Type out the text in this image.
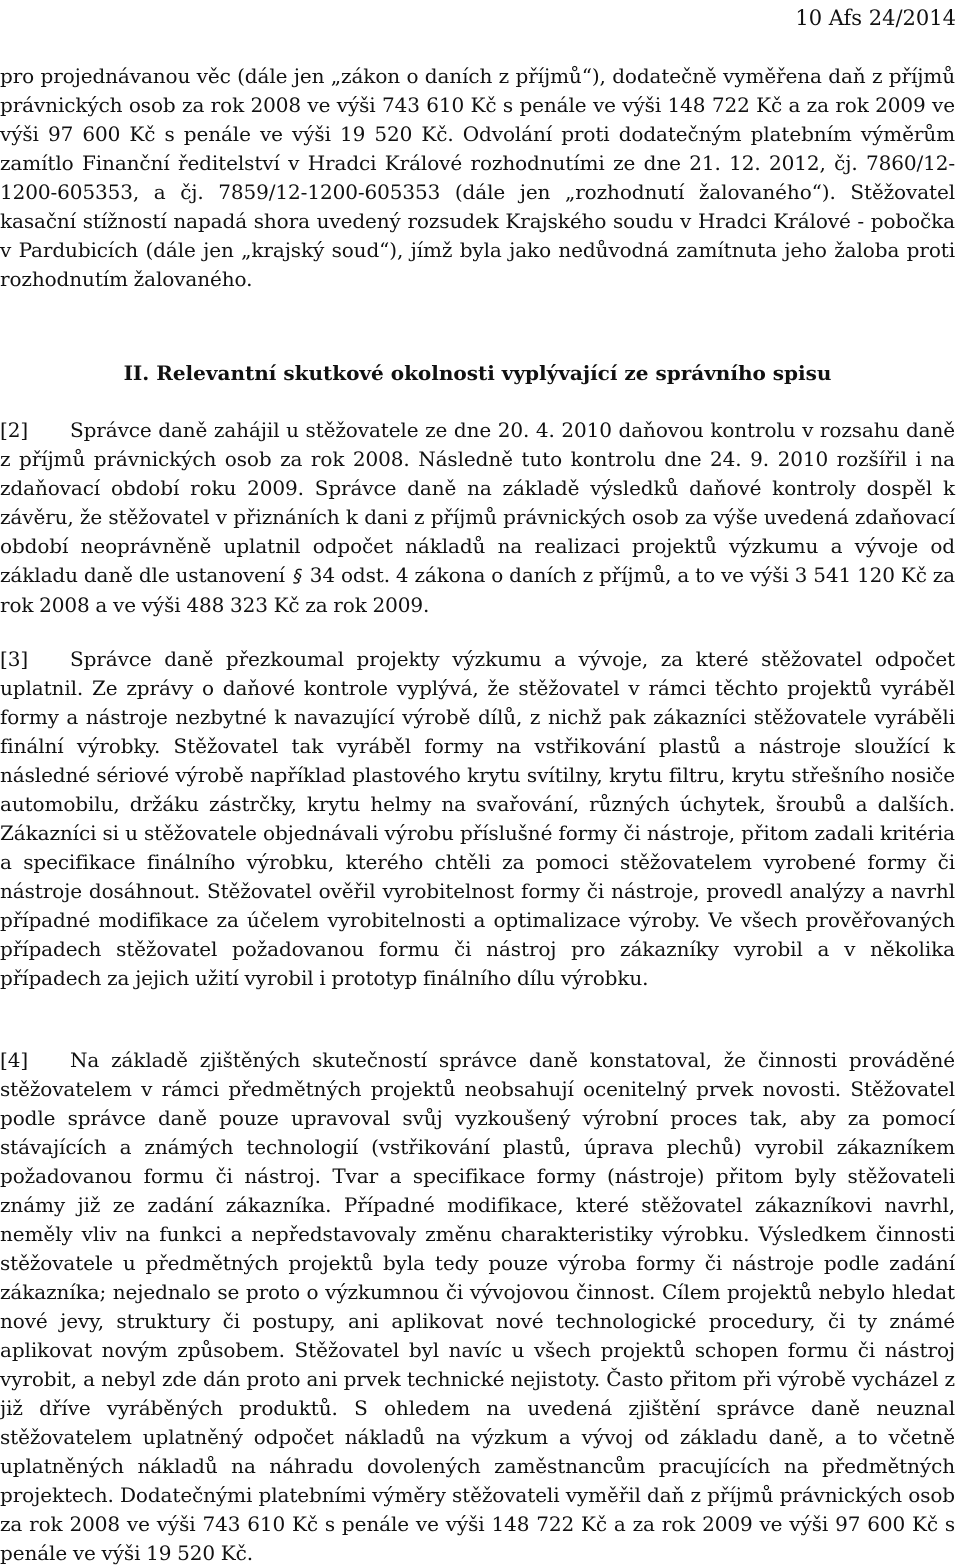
10 Afs 24/2014

pro projednávanou věc (dále jen „zákon o daních z příjmů“), dodatečně vyměřena daň z příjmů právnických osob za rok 2008 ve výši 743 610 Kč s penále ve výši 148 722 Kč a za rok 2009 ve výši 97 600 Kč s penále ve výši 19 520 Kč. Odvolání proti dodatečným platebním výměrům zamítlo Finanční ředitelství v Hradci Králové rozhodnutími ze dne 21. 12. 2012, čj. 7860/12-1200-605353, a čj. 7859/12-1200-605353 (dále jen „rozhodnutí žalovaného“). Stěžovatel kasační stížností napadá shora uvedený rozsudek Krajského soudu v Hradci Králové - pobočka v Pardubicích (dále jen „krajský soud“), jímž byla jako nedůvodná zamítnuta jeho žaloba proti rozhodnutím žalovaného.

II. Relevantní skutkové okolnosti vyplývající ze správního spisu

[2] Správce daně zahájil u stěžovatele ze dne 20. 4. 2010 daňovou kontrolu v rozsahu daně z příjmů právnických osob za rok 2008. Následně tuto kontrolu dne 24. 9. 2010 rozšířil i na zdaňovací období roku 2009. Správce daně na základě výsledků daňové kontroly dospěl k závěru, že stěžovatel v přiznáních k dani z příjmů právnických osob za výše uvedená zdaňovací období neoprávněně uplatnil odpočet nákladů na realizaci projektů výzkumu a vývoje od základu daně dle ustanovení § 34 odst. 4 zákona o daních z příjmů, a to ve výši 3 541 120 Kč za rok 2008 a ve výši 488 323 Kč za rok 2009.

[3] Správce daně přezkoumal projekty výzkumu a vývoje, za které stěžovatel odpočet uplatnil. Ze zprávy o daňové kontrole vyplývá, že stěžovatel v rámci těchto projektů vyráběl formy a nástroje nezbytné k navazující výrobě dílů, z nichž pak zákazníci stěžovatele vyráběli finální výrobky. Stěžovatel tak vyráběl formy na vstřikování plastů a nástroje sloužící k následné sériové výrobě například plastového krytu svítilny, krytu filtru, krytu střešního nosiče automobilu, držáku zástrčky, krytu helmy na svařování, různých úchytek, šroubů a dalších. Zákazníci si u stěžovatele objednávali výrobu příslušné formy či nástroje, přitom zadali kritéria a specifikace finálního výrobku, kterého chtěli za pomoci stěžovatelem vyrobené formy či nástroje dosáhnout. Stěžovatel ověřil vyrobitelnost formy či nástroje, provedl analýzy a navrhl případné modifikace za účelem vyrobitelnosti a optimalizace výroby. Ve všech prověřovaných případech stěžovatel požadovanou formu či nástroj pro zákazníky vyrobil a v několika případech za jejich užití vyrobil i prototyp finálního dílu výrobku.

[4] Na základě zjištěných skutečností správce daně konstatoval, že činnosti prováděné stěžovatelem v rámci předmětných projektů neobsahují ocenitelný prvek novosti. Stěžovatel podle správce daně pouze upravoval svůj vyzkoušený výrobní proces tak, aby za pomocí stávajících a známých technologií (vstřikování plastů, úprava plechů) vyrobil zákazníkem požadovanou formu či nástroj. Tvar a specifikace formy (nástroje) přitom byly stěžovateli známy již ze zadání zákazníka. Případné modifikace, které stěžovatel zákazníkovi navrhl, neměly vliv na funkci a nepředstavovaly změnu charakteristiky výrobku. Výsledkem činnosti stěžovatele u předmětných projektů byla tedy pouze výroba formy či nástroje podle zadání zákazníka; nejednalo se proto o výzkumnou či vývojovou činnost. Cílem projektů nebylo hledat nové jevy, struktury či postupy, ani aplikovat nové technologické procedury, či ty známé aplikovat novým způsobem. Stěžovatel byl navíc u všech projektů schopen formu či nástroj vyrobit, a nebyl zde dán proto ani prvek technické nejistoty. Často přitom při výrobě vycházel z již dříve vyráběných produktů. S ohledem na uvedená zjištění správce daně neuznal stěžovatelem uplatněný odpočet nákladů na výzkum a vývoj od základu daně, a to včetně uplatněných nákladů na náhradu dovolených zaměstnancům pracujících na předmětných projektech. Dodatečnými platebními výměry stěžovateli vyměřil daň z příjmů právnických osob za rok 2008 ve výši 743 610 Kč s penále ve výši 148 722 Kč a za rok 2009 ve výši 97 600 Kč s penále ve výši 19 520 Kč.
